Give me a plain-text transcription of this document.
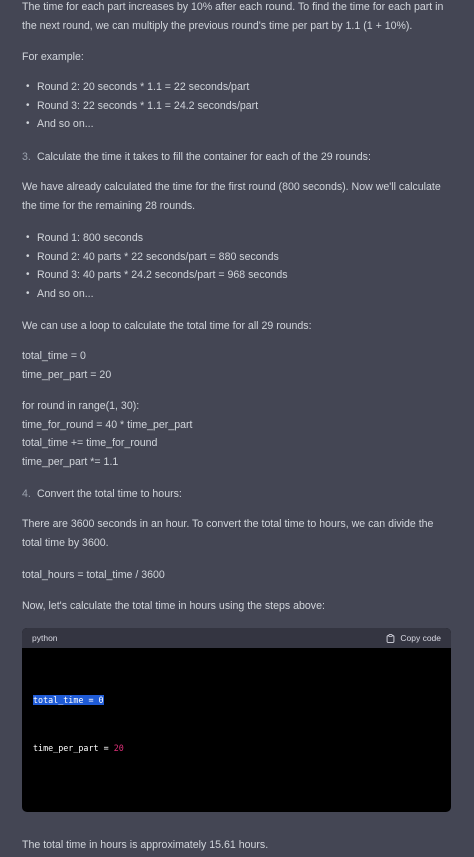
The time for each part increases by 10% after each round. To find the time for each part in
the next round, we can multiply the previous round's time per part by 1.1 (1 + 10%).

For example:

• Round 2: 20 seconds * 1.1 = 22 seconds/part
• Round 3: 22 seconds * 1.1 = 24.2 seconds/part
• And so on...
3. Calculate the time it takes to fill the container for each of the 29 rounds:

We have already calculated the time for the first round (800 seconds). Now we'll calculate
the time for the remaining 28 rounds.

• Round 1: 800 seconds
• Round 2: 40 parts * 22 seconds/part = 880 seconds
• Round 3: 40 parts * 24.2 seconds/part = 968 seconds
• And so on...

We can use a loop to calculate the total time for all 29 rounds:

total_time = 0
time_per_part = 20

for round in range(1, 30):
time_for_round = 40 * time_per_part
total_time += time_for_round
time_per_part *= 1.1

4. Convert the total time to hours:

There are 3600 seconds in an hour. To convert the total time to hours, we can divide the
total time by 3600.

total_hours = total_time / 3600

Now, let's calculate the total time in hours using the steps above:

python	Copy code

total_time = 0

time_per_part = 20

The total time in hours is approximately 15.61 hours.
